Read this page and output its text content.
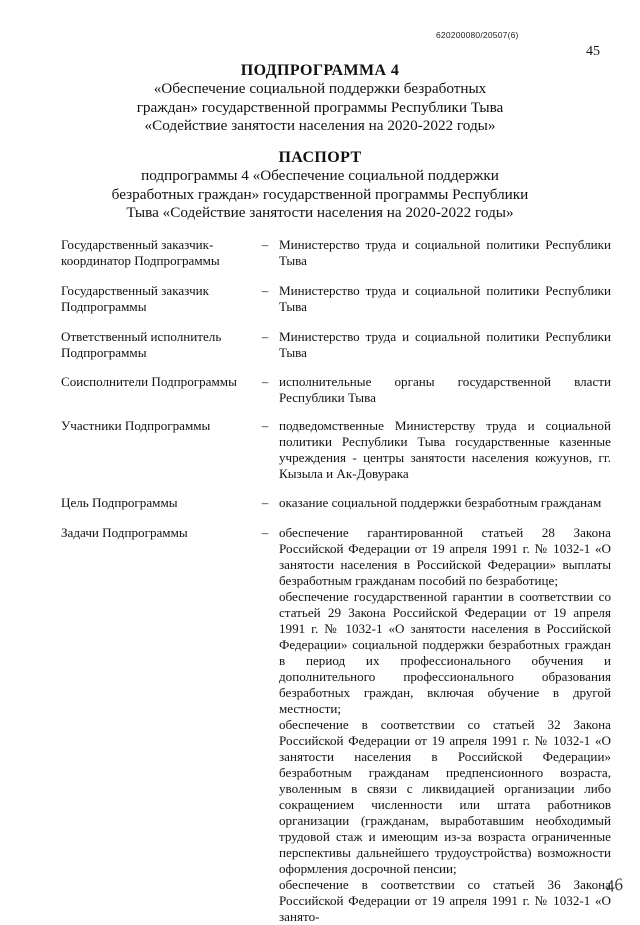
620200080/20507(6)
45
ПОДПРОГРАММА 4
«Обеспечение социальной поддержки безработных
граждан» государственной программы Республики Тыва
«Содействие занятости населения на 2020-2022 годы»
ПАСПОРТ
подпрограммы 4 «Обеспечение социальной поддержки
безработных граждан» государственной программы Республики
Тыва «Содействие занятости населения на 2020-2022 годы»
Государственный заказчик-координатор Подпрограммы
– Министерство труда и социальной политики Республики Тыва

Государственный заказчик Подпрограммы
– Министерство труда и социальной политики Республики Тыва

Ответственный исполнитель Подпрограммы
– Министерство труда и социальной политики Республики Тыва

Соисполнители Подпрограммы	– исполнительные органы государственной власти Республики Тыва

Участники Подпрограммы	– подведомственные Министерству труда и социальной политики Республики Тыва государственные казенные учреждения - центры занятости населения кожуунов, гг. Кызыла и Ак-Довурака

Цель Подпрограммы	– оказание социальной поддержки безработным гражданам

Задачи Подпрограммы	– обеспечение гарантированной статьей 28 Закона Российской Федерации от 19 апреля 1991 г. № 1032-1 «О занятости населения в Российской Федерации» выплаты безработным гражданам пособий по безработице;

обеспечение государственной гарантии в соответствии со статьей 29 Закона Российской Федерации от 19 апреля 1991 г. № 1032-1 «О занятости населения в Российской Федерации» социальной поддержки безработных граждан в период их профессионального обучения и дополнительного профессионального образования безработных граждан, включая обучение в другой местности;

обеспечение в соответствии со статьей 32 Закона Российской Федерации от 19 апреля 1991 г. № 1032-1 «О занятости населения в Российской Федерации» безработным гражданам предпенсионного возраста, уволенным в связи с ликвидацией организации либо сокращением численности или штата работников организации (гражданам, выработавшим необходимый трудовой стаж и имеющим из-за возраста ограниченные перспективы дальнейшего трудоустройства) возможности оформления досрочной пенсии;

обеспечение в соответствии со статьей 36 Закона Российской Федерации от 19 апреля 1991 г. № 1032-1 «О занято-

46
